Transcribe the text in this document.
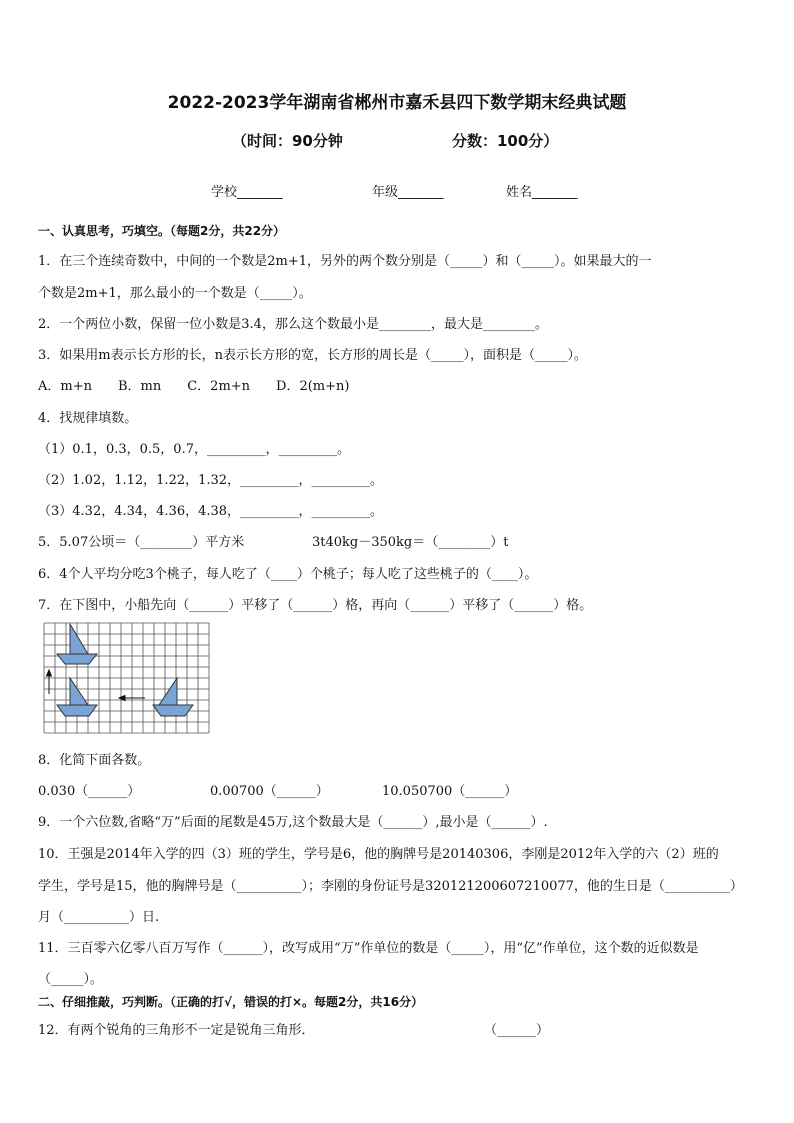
2022-2023学年湖南省郴州市嘉禾县四下数学期末经典试题
（时间：90分钟	分数：100分）
学校_______	年级_______	姓名_______
一、认真思考，巧填空。（每题2分，共22分）
1．在三个连续奇数中，中间的一个数是2m+1，另外的两个数分别是（_____）和（_____）。如果最大的一
个数是2m+1，那么最小的一个数是（_____）。
2．一个两位小数，保留一位小数是3.4，那么这个数最小是________，最大是________。
3．如果用m表示长方形的长，n表示长方形的宽，长方形的周长是（_____），面积是（_____）。
A．m+n　　B．mn　　C．2m+n　　D．2(m+n)
4．找规律填数。
（1）0.1，0.3，0.5，0.7，_________，_________。
（2）1.02，1.12，1.22，1.32，_________，_________。
（3）4.32，4.34，4.36，4.38，_________，_________。
5．5.07公顷＝（________）平方米	3t40kg－350kg＝（________）t
6．4个人平均分吃3个桃子，每人吃了（____）个桃子；每人吃了这些桃子的（____）。
7．在下图中，小船先向（______）平移了（______）格，再向（______）平移了（______）格。
8．化简下面各数。
0.030（______）	0.00700（______）	10.050700（______）
9．一个六位数,省略“万”后面的尾数是45万,这个数最大是（______）,最小是（______）.
10．王强是2014年入学的四（3）班的学生，学号是6，他的胸牌号是20140306，李刚是2012年入学的六（2）班的
学生，学号是15，他的胸牌号是（__________）；李刚的身份证号是320121200607210077，他的生日是（__________）
月（__________）日.
11．三百零六亿零八百万写作（______），改写成用“万”作单位的数是（_____），用“亿”作单位，这个数的近似数是
（_____）。
二、仔细推敲，巧判断。（正确的打√，错误的打×。每题2分，共16分）
12．有两个锐角的三角形不一定是锐角三角形．	（______）
